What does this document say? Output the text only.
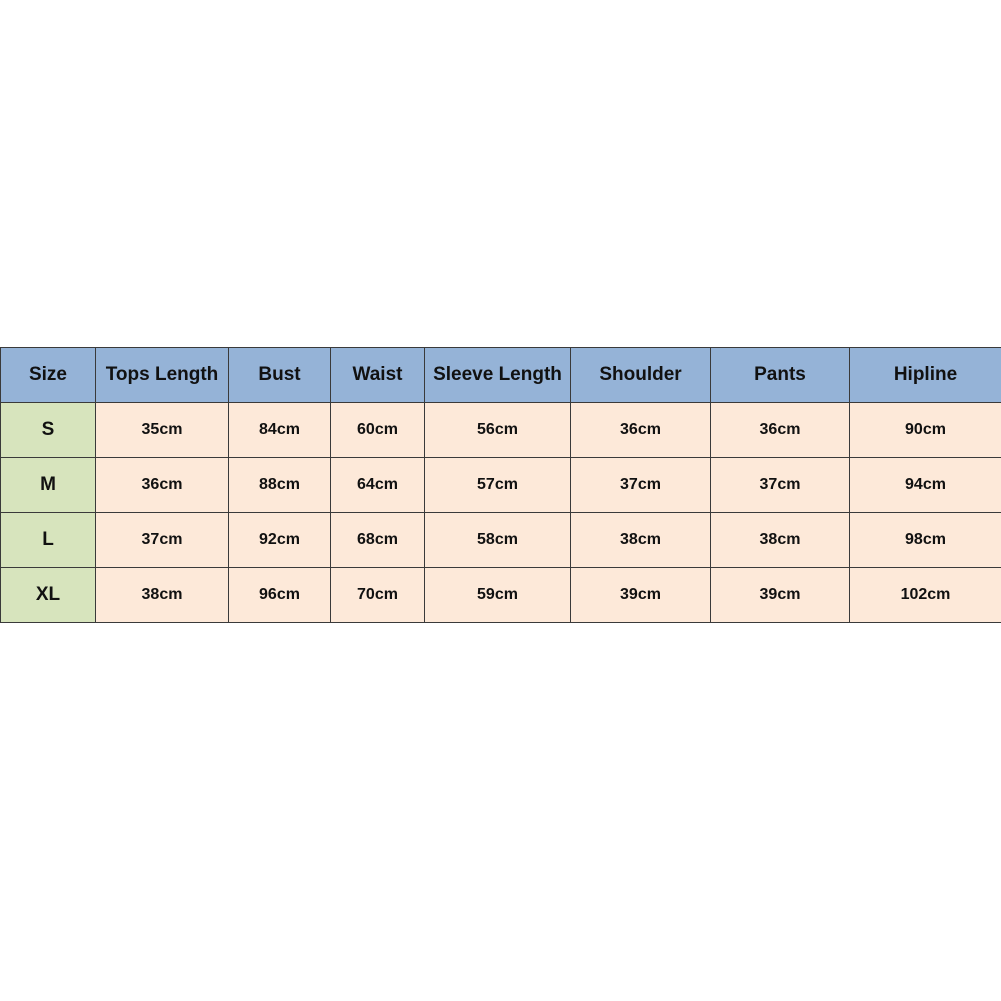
Size	Tops Length	Bust	Waist	Sleeve Length	Shoulder	Pants	Hipline
S	35cm	84cm	60cm	56cm	36cm	36cm	90cm
M	36cm	88cm	64cm	57cm	37cm	37cm	94cm
L	37cm	92cm	68cm	58cm	38cm	38cm	98cm
XL	38cm	96cm	70cm	59cm	39cm	39cm	102cm
